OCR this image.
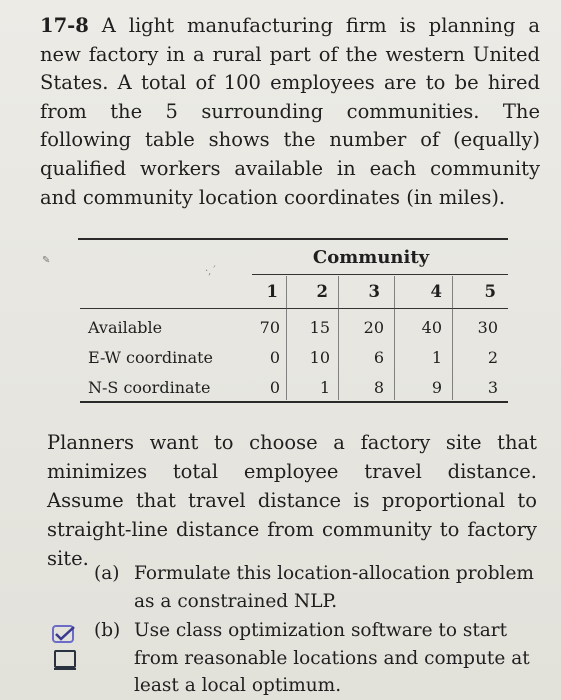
17-8 A light manufacturing firm is planning a new factory in a rural part of the western United States. A total of 100 employees are to be hired from the 5 surrounding communities. The following table shows the number of (equally) qualified workers available in each community and community location coordinates (in miles).
✎
·,ˊ
Community
1	2	3	4	5
Available	70 15 20 40 30
E-W coordinate	0 10	6	1	2
N-S coordinate	0	1	8	9	3
Planners want to choose a factory site that minimizes total employee travel distance. Assume that travel distance is proportional to straight-line distance from community to factory site.
(a) Formulate this location-allocation problem as a constrained NLP.
(b) Use class optimization software to start from reasonable locations and compute at least a local optimum.
